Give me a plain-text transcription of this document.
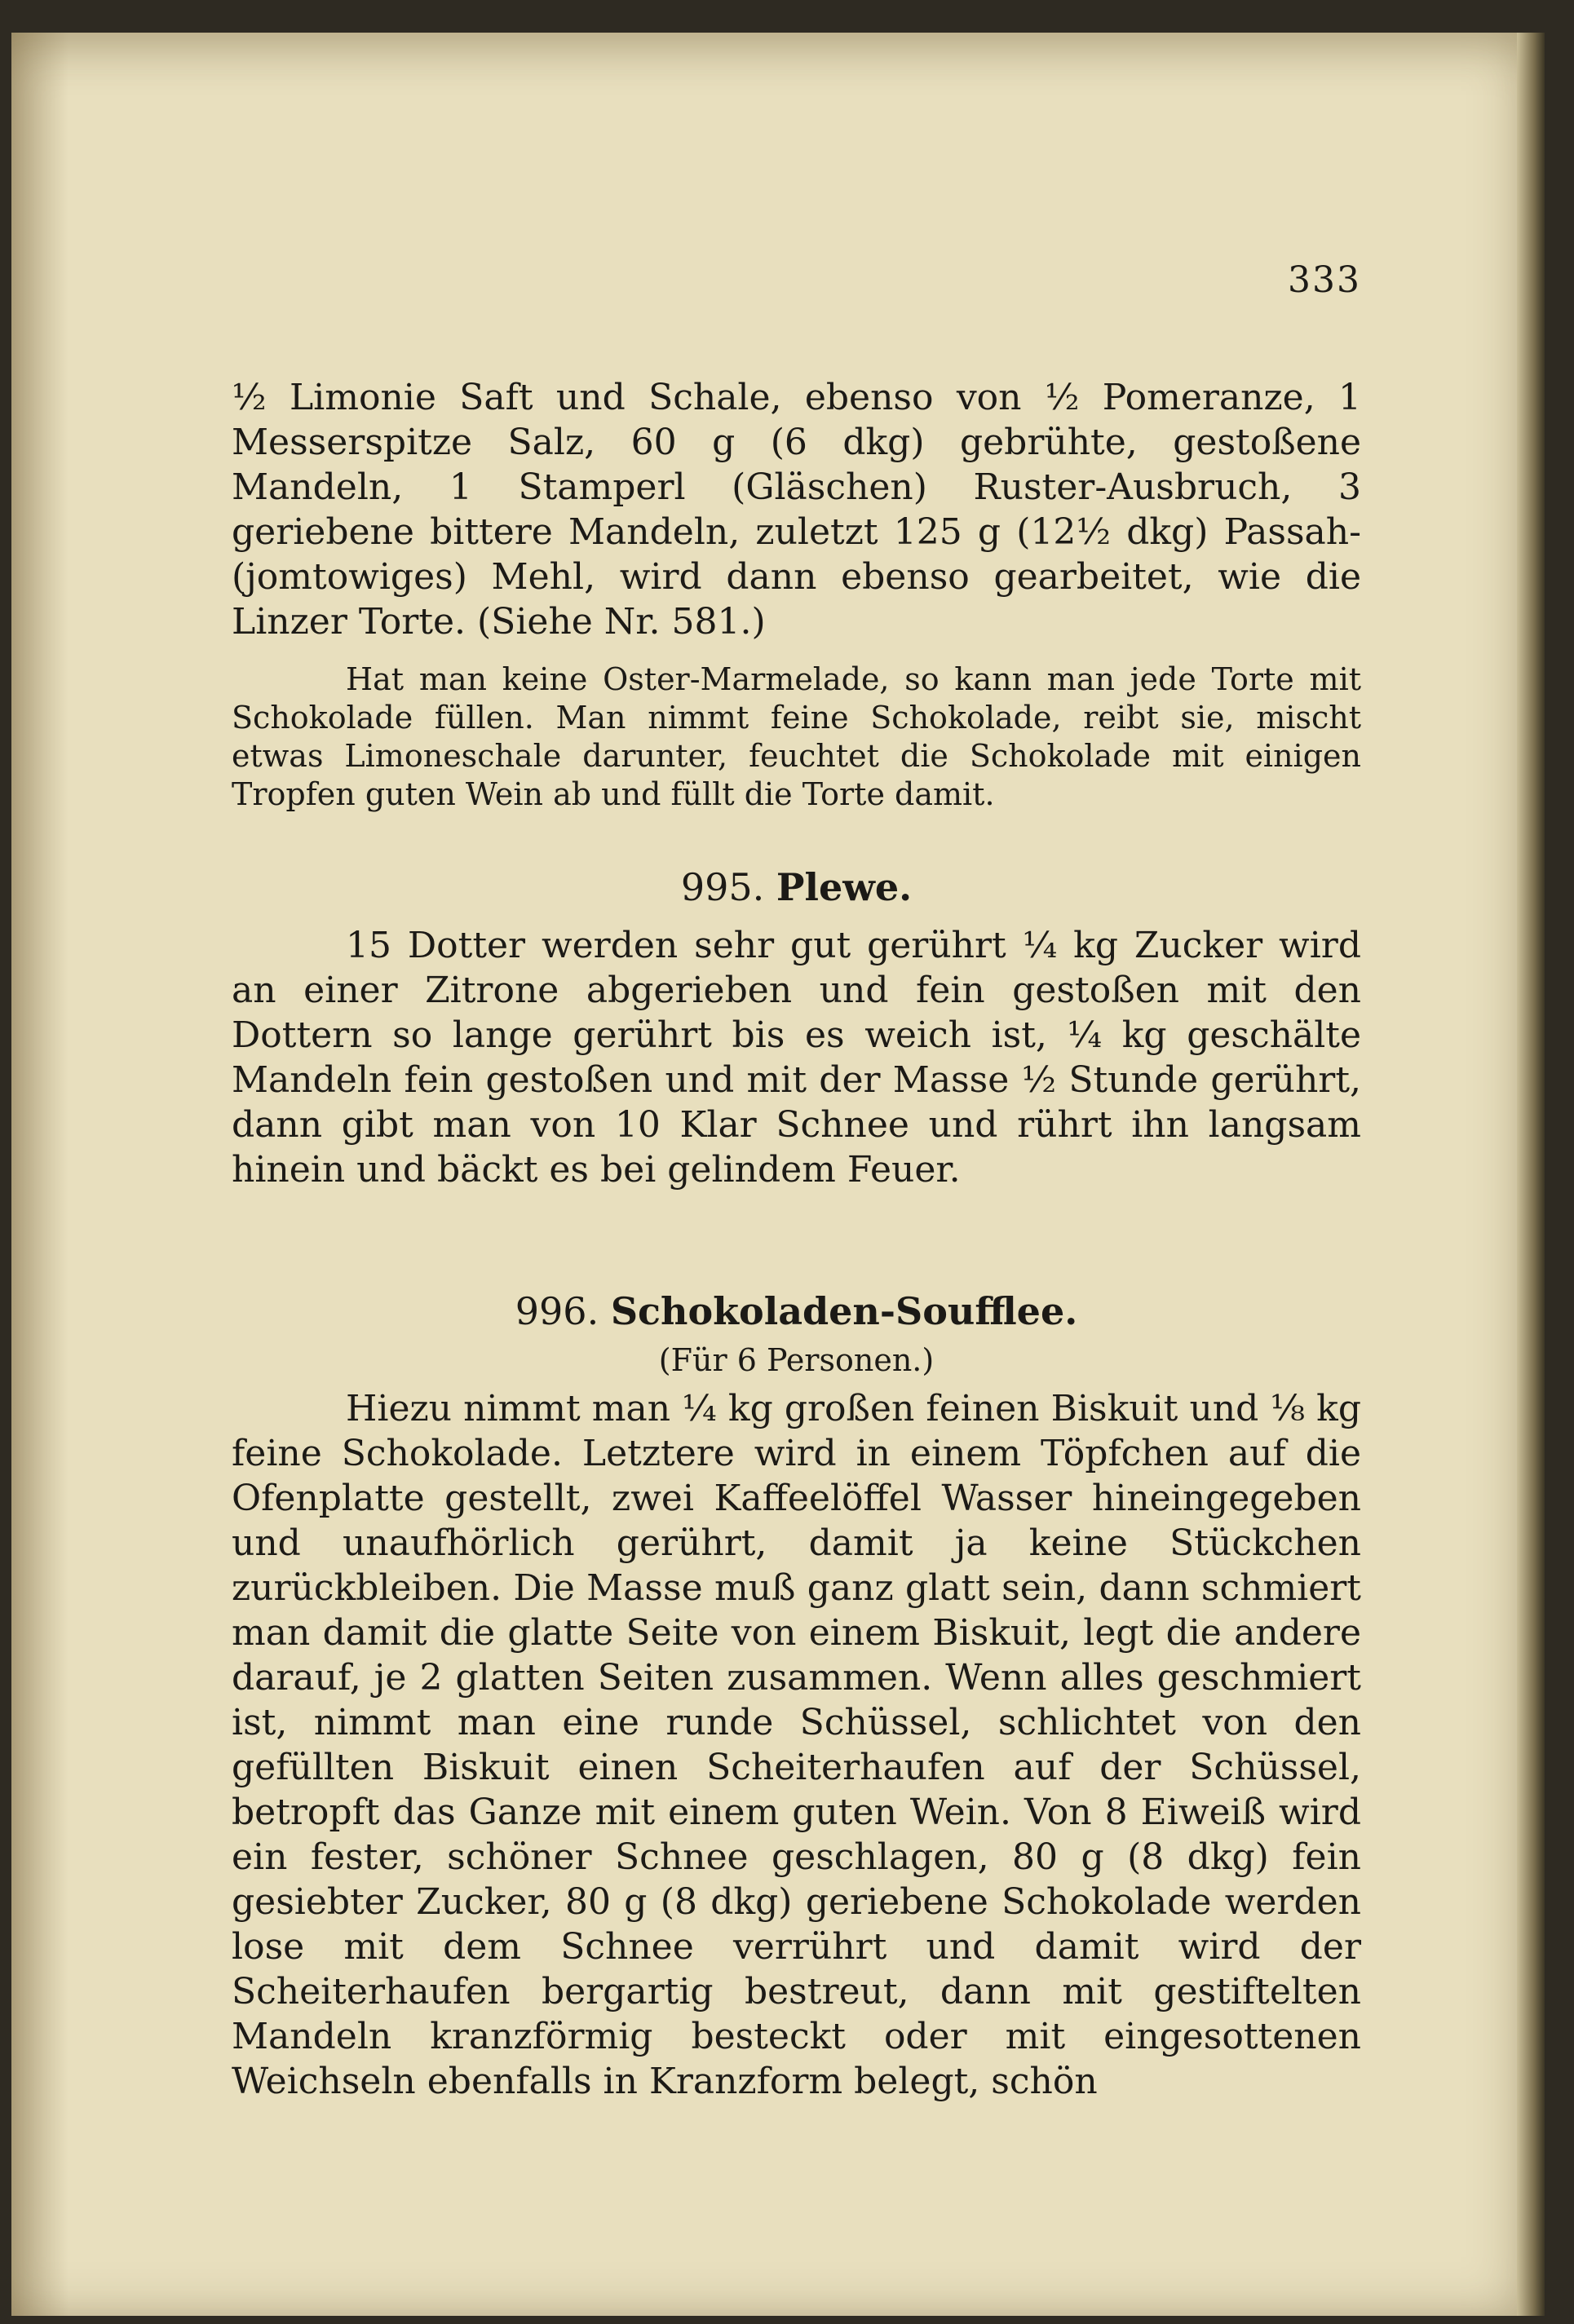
333

½ Limonie Saft und Schale, ebenso von ½ Pomeranze, 1 Messerspitze Salz, 60 g (6 dkg) gebrühte, gestoßene Mandeln, 1 Stamperl (Gläschen) Ruster-Ausbruch, 3 geriebene bittere Mandeln, zuletzt 125 g (12½ dkg) Passah- (jomtowiges) Mehl, wird dann ebenso gearbeitet, wie die Linzer Torte. (Siehe Nr. 581.)

Hat man keine Oster-Marmelade, so kann man jede Torte mit Schokolade füllen. Man nimmt feine Schokolade, reibt sie, mischt etwas Limoneschale darunter, feuchtet die Schokolade mit einigen Tropfen guten Wein ab und füllt die Torte damit.

995. Plewe.

15 Dotter werden sehr gut gerührt ¼ kg Zucker wird an einer Zitrone abgerieben und fein gestoßen mit den Dottern so lange gerührt bis es weich ist, ¼ kg geschälte Mandeln fein gestoßen und mit der Masse ½ Stunde gerührt, dann gibt man von 10 Klar Schnee und rührt ihn langsam hinein und bäckt es bei gelindem Feuer.

996. Schokoladen-Soufflee.
(Für 6 Personen.)

Hiezu nimmt man ¼ kg großen feinen Biskuit und ⅛ kg feine Schokolade. Letztere wird in einem Töpfchen auf die Ofenplatte gestellt, zwei Kaffeelöffel Wasser hineingegeben und unaufhörlich gerührt, damit ja keine Stückchen zurückbleiben. Die Masse muß ganz glatt sein, dann schmiert man damit die glatte Seite von einem Biskuit, legt die andere darauf, je 2 glatten Seiten zusammen. Wenn alles geschmiert ist, nimmt man eine runde Schüssel, schlichtet von den gefüllten Biskuit einen Scheiterhaufen auf der Schüssel, betropft das Ganze mit einem guten Wein. Von 8 Eiweiß wird ein fester, schöner Schnee geschlagen, 80 g (8 dkg) fein gesiebter Zucker, 80 g (8 dkg) geriebene Schokolade werden lose mit dem Schnee verrührt und damit wird der Scheiterhaufen bergartig bestreut, dann mit gestiftelten Mandeln kranzförmig besteckt oder mit eingesottenen Weichseln ebenfalls in Kranzform belegt, schön
